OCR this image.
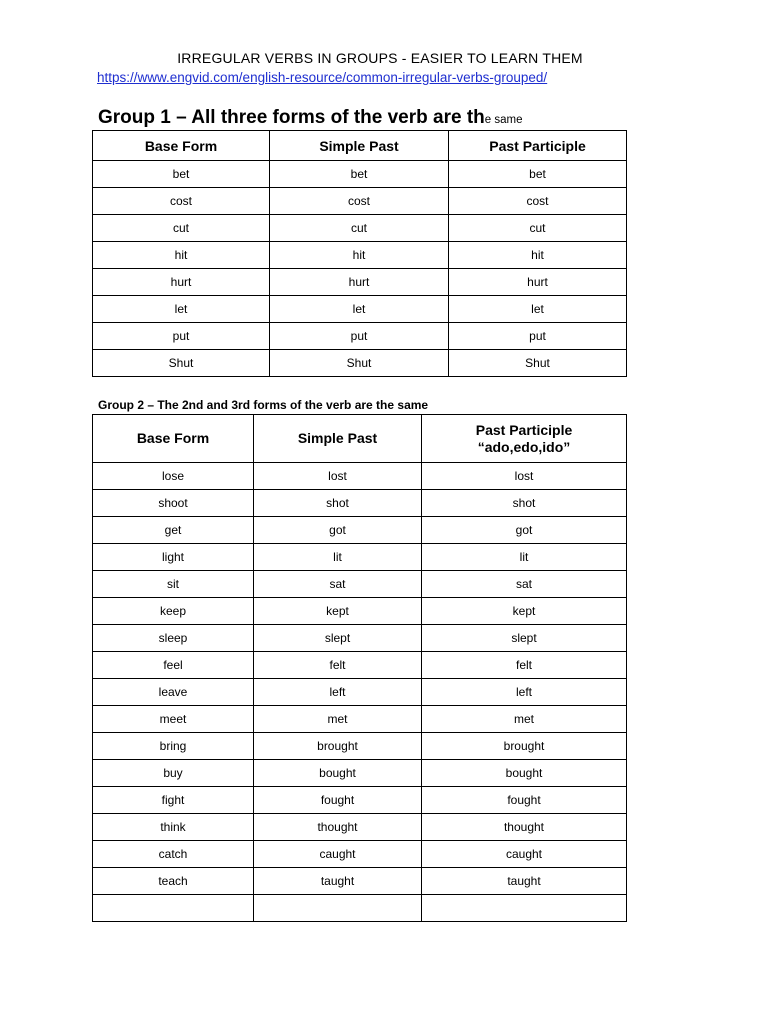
IRREGULAR VERBS IN GROUPS - EASIER TO LEARN THEM
https://www.engvid.com/english-resource/common-irregular-verbs-grouped/
Group 1 – All three forms of the verb are the same
Base Form	Simple Past	Past Participle
bet	bet	bet
cost	cost	cost
cut	cut	cut
hit	hit	hit
hurt	hurt	hurt
let	let	let
put	put	put
Shut	Shut	Shut
Group 2 – The 2nd and 3rd forms of the verb are the same
Base Form	Simple Past	Past Participle
“ado,edo,ido”
lose	lost	lost
shoot	shot	shot
get	got	got
light	lit	lit
sit	sat	sat
keep	kept	kept
sleep	slept	slept
feel	felt	felt
leave	left	left
meet	met	met
bring	brought	brought
buy	bought	bought
fight	fought	fought
think	thought	thought
catch	caught	caught
teach	taught	taught
